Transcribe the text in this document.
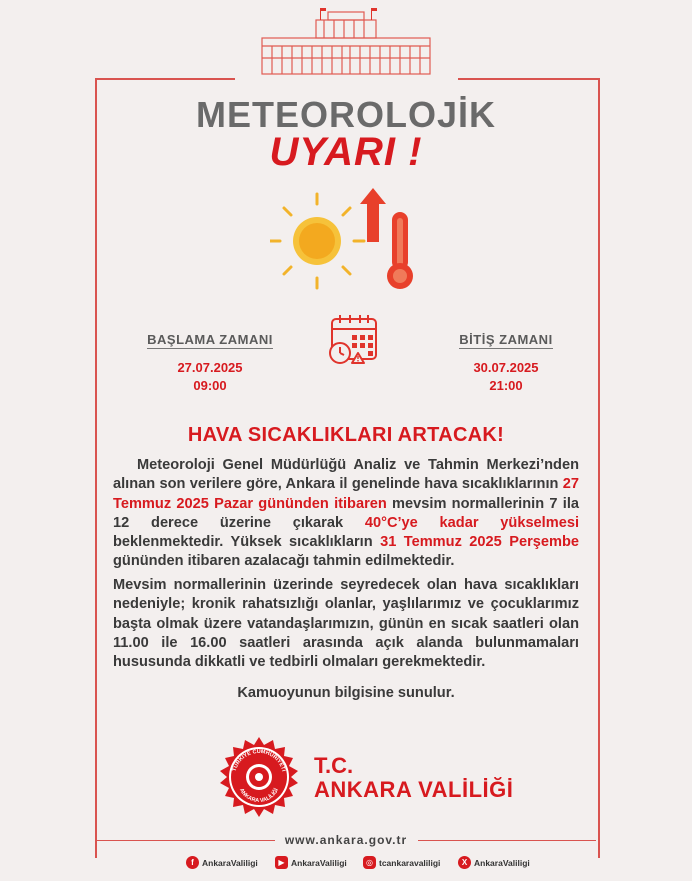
METEOROLOJİK
UYARI !
BAŞLAMA ZAMANI
27.07.2025
09:00
BİTİŞ ZAMANI
30.07.2025
21:00
HAVA SICAKLIKLARI ARTACAK!

Meteoroloji Genel Müdürlüğü Analiz ve Tahmin Merkezi’nden alınan son verilere göre, Ankara il genelinde hava sıcaklıklarının 27 Temmuz 2025 Pazar gününden itibaren mevsim normallerinin 7 ila 12 derece üzerine çıkarak 40°C’ye kadar yükselmesi beklenmektedir. Yüksek sıcaklıkların 31 Temmuz 2025 Perşembe gününden itibaren azalacağı tahmin edilmektedir.

Mevsim normallerinin üzerinde seyredecek olan hava sıcaklıkları nedeniyle; kronik rahatsızlığı olanlar, yaşlılarımız ve çocuklarımız başta olmak üzere vatandaşlarımızın, günün en sıcak saatleri olan 11.00 ile 16.00 saatleri arasında açık alanda bulunmamaları hususunda dikkatli ve tedbirli olmaları gerekmektedir.

Kamuoyunun bilgisine sunulur.
TÜRKİYE CUMHURİYETİ
ANKARA VALİLİĞİ
T.C.
ANKARA VALİLİĞİ
www.ankara.gov.tr
f AnkaraValiligi	▶ AnkaraValiligi	◎ tcankaravaliligi	X AnkaraValiligi
